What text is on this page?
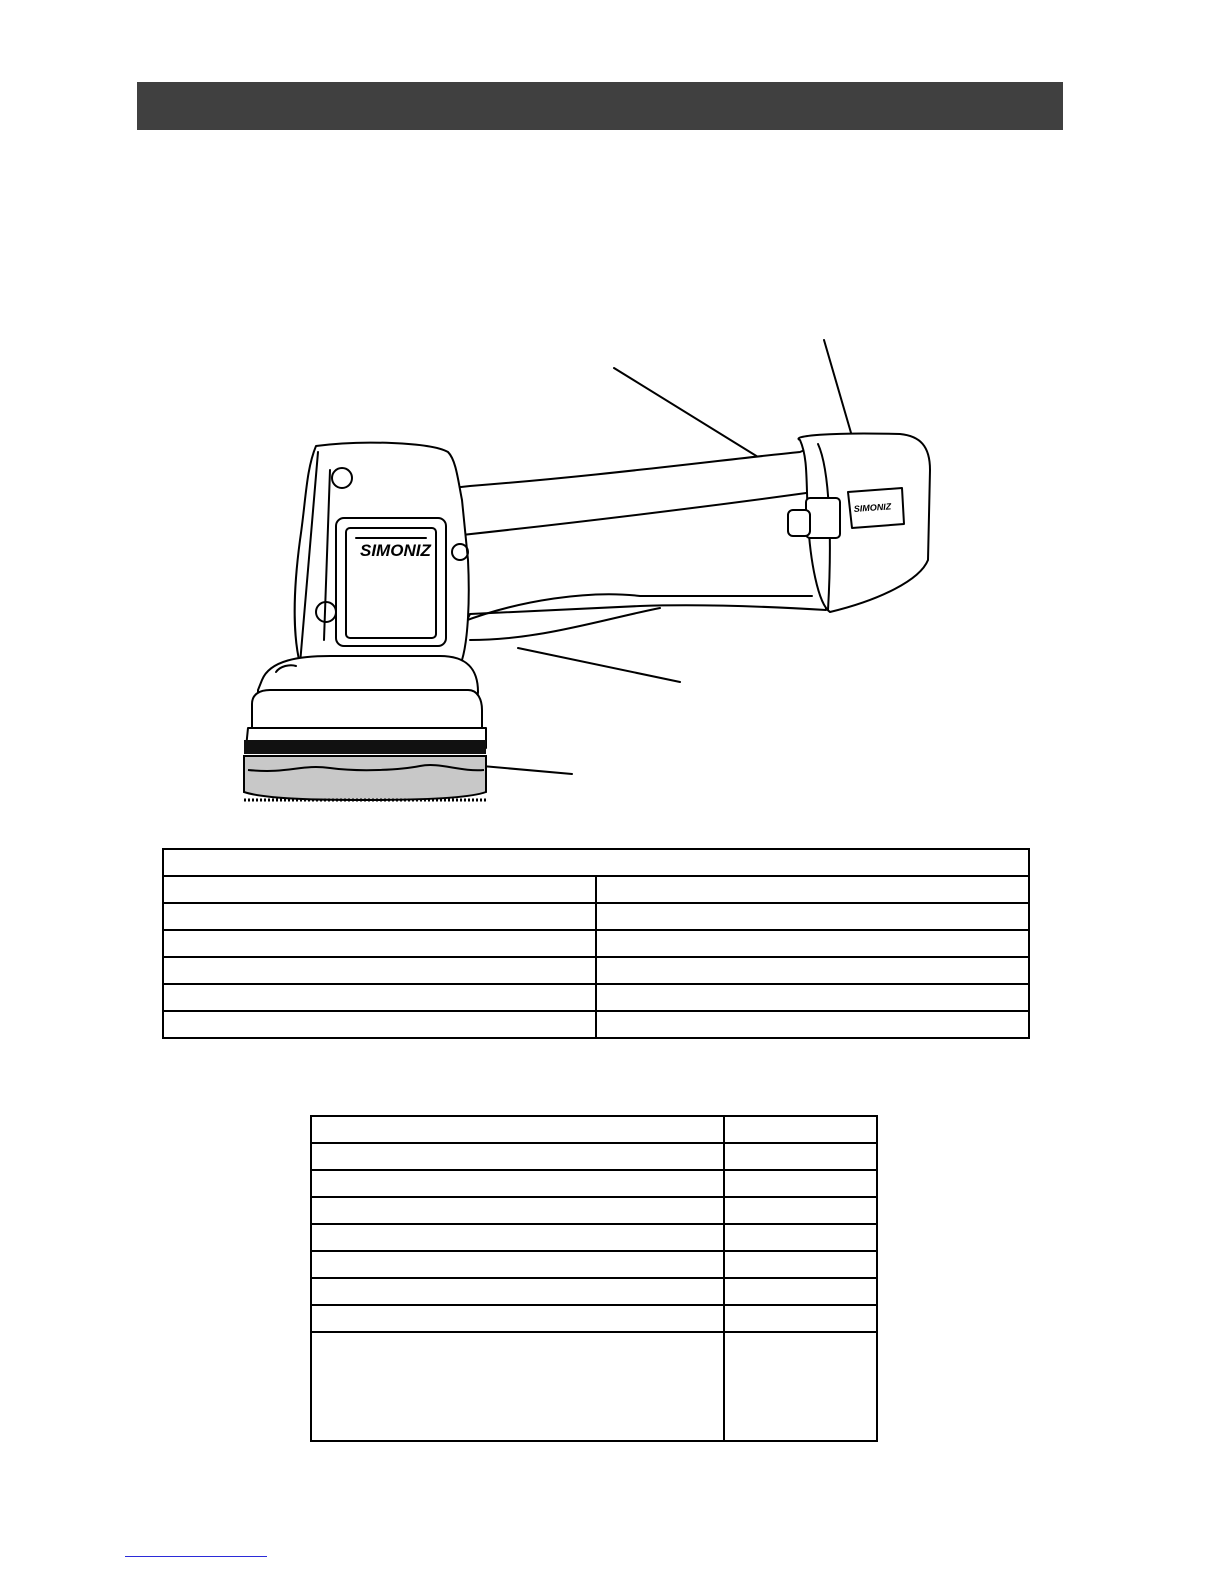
SIMONIZ
SIMONIZ
